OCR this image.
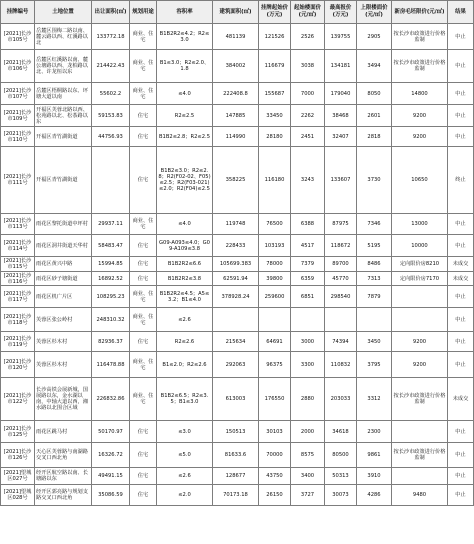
挂牌编号	土地位置	出让面积(㎡)	规划用途	容积率	建筑面积(㎡)	挂牌起始价(万元)	起始楼面价(元/㎡)	最高报价(万元)	上限楼面价(元/㎡)	新房毛坯限价(元/㎡)	结果
[2021]长沙市105号	岳麓区围梅二路以南、麓云路以西、红溪路以北	133772.18	商业、住宅	B1B2R2≤4.2；R2≤3.0	481139	121526	2526	139755	2905	按长沙市政策进行价格监制	中止
[2021]长沙市106号	岳麓区红溪路以南、麓公塘路以西、龙柏路以北、许龙桓以东	214422.43	商业、住宅	B1≤3.0；R2≤2.0、1.8	384002	116679	3038	134181	3494	按长沙市政策进行价格监制	中止
[2021]长沙市107号	岳麓区梧桐路以东、坪塘大道以南	55602.2	商业、住宅	≤4.0	222408.8	155687	7000	179040	8050	14800	中止
[2021]长沙市109号	开福区芙蓉北路以西、松苑路以北、松茶路以东	59153.83	住宅	R2≤2.5	147885	33450	2262	38468	2601	9200	中止
[2021]长沙市110号	开福区青竹湖街道	44756.93	住宅	B1B2≤2.8；R2≤2.5	114990	28180	2451	32407	2818	9200	中止
[2021]长沙市111号	开福区青竹湖街道		住宅	B1B2≤3.0；R2≤2.8；R2(F02-02、F05)≤2.5；R2(F03-021)≤2.0；R2(F04)≤2.5	358225	116180	3243	133607	3730	10650	终止
[2021]长沙市113号	雨花区黎托街道中坪村	29937.11	商业、住宅	≤4.0	119748	76500	6388	87975	7346	13000	中止
[2021]长沙市114号	雨花区洞井街道天华村	58483.47	住宅	G09-A093≤4.0；G09-A109≤3.8	228433	103193	4517	118672	5195	10000	中止
[2021]长沙市115号	雨花区黄兴中路	15994.85	住宅	B1B2R2≤6.6	105699.383	78000	7379	89700	8486	定向限价房8210	未成交
[2021]长沙市116号	雨花区砂子塘街道	16892.52	住宅	B1B2R2≤3.8	62591.94	39800	6359	45770	7313	定向限价房7170	未成交
[2021]长沙市117号	雨花区机广片区	108295.23	商业、住宅	B1B2R2≤4.5；A5≤3.2；B1≤4.0	378928.24	259600	6851	298540	7879		中止
[2021]长沙市118号	芙蓉区张公岭村	248310.32	商业、住宅	≤2.6							中止
[2021]长沙市119号	芙蓉区杉木村	82936.37	住宅	R2≤2.6	215634	64691	3000	74394	3450	9200	中止
[2021]长沙市120号	芙蓉区杉木村	116478.88	商业、住宅	B1≤2.0；R2≤2.6	292063	96375	3300	110832	3795	9200	中止
[2021]长沙市122号	长沙高铁会展新城，国展路以东，金水湖以南，中轴大道以西，湘水路以北围合区域	226832.86	商业、住宅	B1B2≤6.5；R2≤3.5；B1≤3.0	613003	176550	2880	203033	3312	按长沙市政策进行价格监制	未成交
[2021]长沙市125号	雨花区跳马村	50170.97	住宅	≤3.0	150513	30103	2000	34618	2300		中止
[2021]长沙市126号	天心区芙蓉路与南湖路交叉口西北角	16326.72	住宅	≤5.0	81633.6	70000	8575	80500	9861	按长沙市政策进行价格监制	中止
[2021]望城区027号	经开区航空路以南、长塘路以东	49491.15	住宅	≤2.6	128677	43750	3400	50313	3910		中止
[2021]望城区028号	经开区郭亮路与规划支路交叉口西北角	35086.59	住宅	≤2.0	70173.18	26150	3727	30073	4286	9480	中止
